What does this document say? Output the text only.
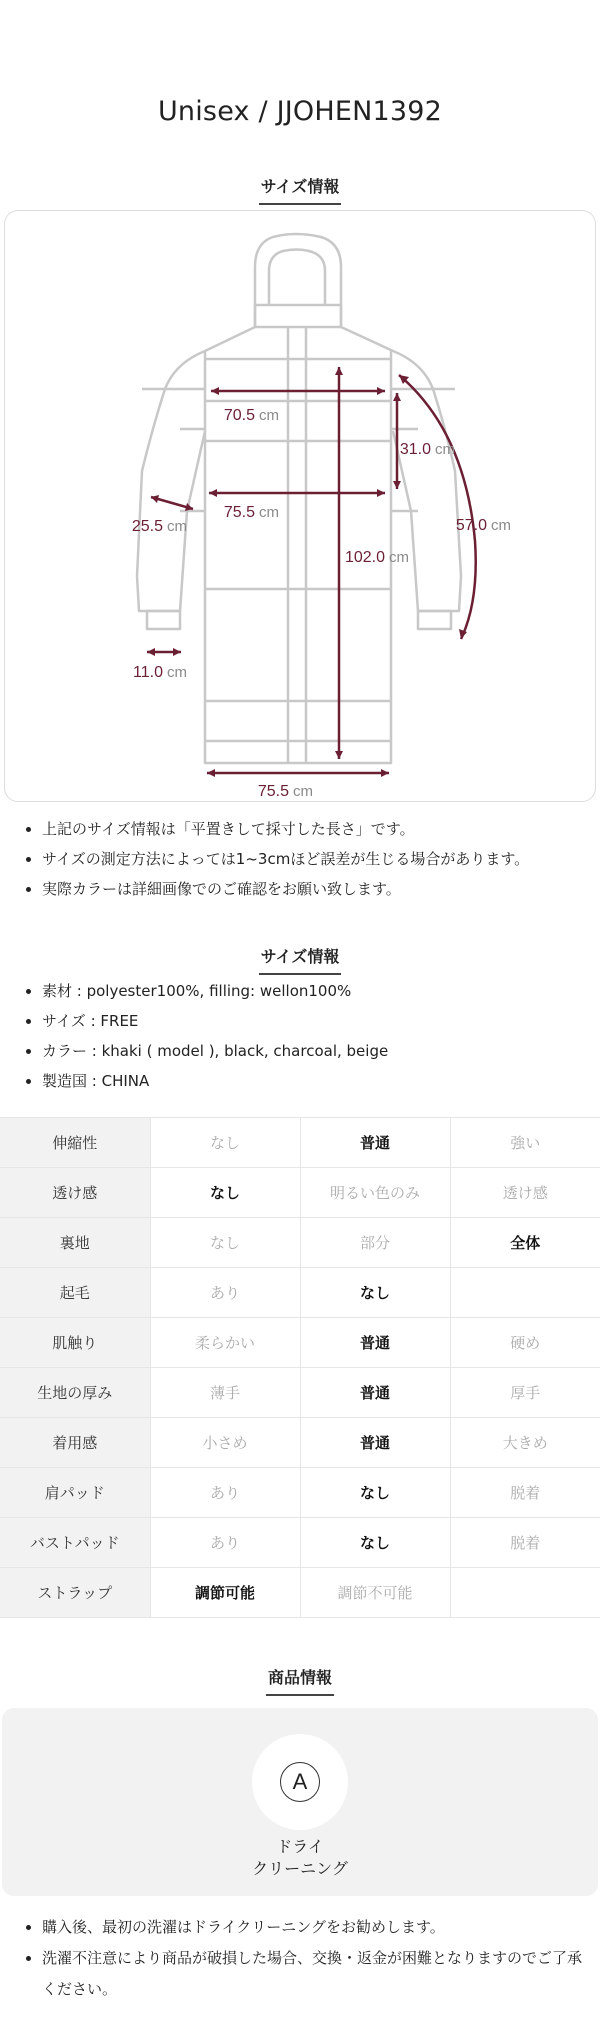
Unisex / JJOHEN1392
サイズ情報
70.5 cm
75.5 cm
31.0 cm
57.0 cm
25.5 cm
11.0 cm
102.0 cm
75.5 cm
上記のサイズ情報は「平置きして採寸した長さ」です。
サイズの測定方法によっては1~3cmほど誤差が生じる場合があります。
実際カラーは詳細画像でのご確認をお願い致します。
サイズ情報
素材 : polyester100%, filling: wellon100%
サイズ : FREE
カラー : khaki ( model ), black, charcoal, beige
製造国 : CHINA
伸縮性	なし	普通	強い
透け感	なし	明るい色のみ	透け感
裏地	なし	部分	全体
起毛	あり	なし	
肌触り	柔らかい	普通	硬め
生地の厚み	薄手	普通	厚手
着用感	小さめ	普通	大きめ
肩パッド	あり	なし	脱着
バストパッド	あり	なし	脱着
ストラップ	調節可能	調節不可能	
商品情報
A
ドライ
クリーニング
購入後、最初の洗濯はドライクリーニングをお勧めします。
洗濯不注意により商品が破損した場合、交換・返金が困難となりますのでご了承ください。
